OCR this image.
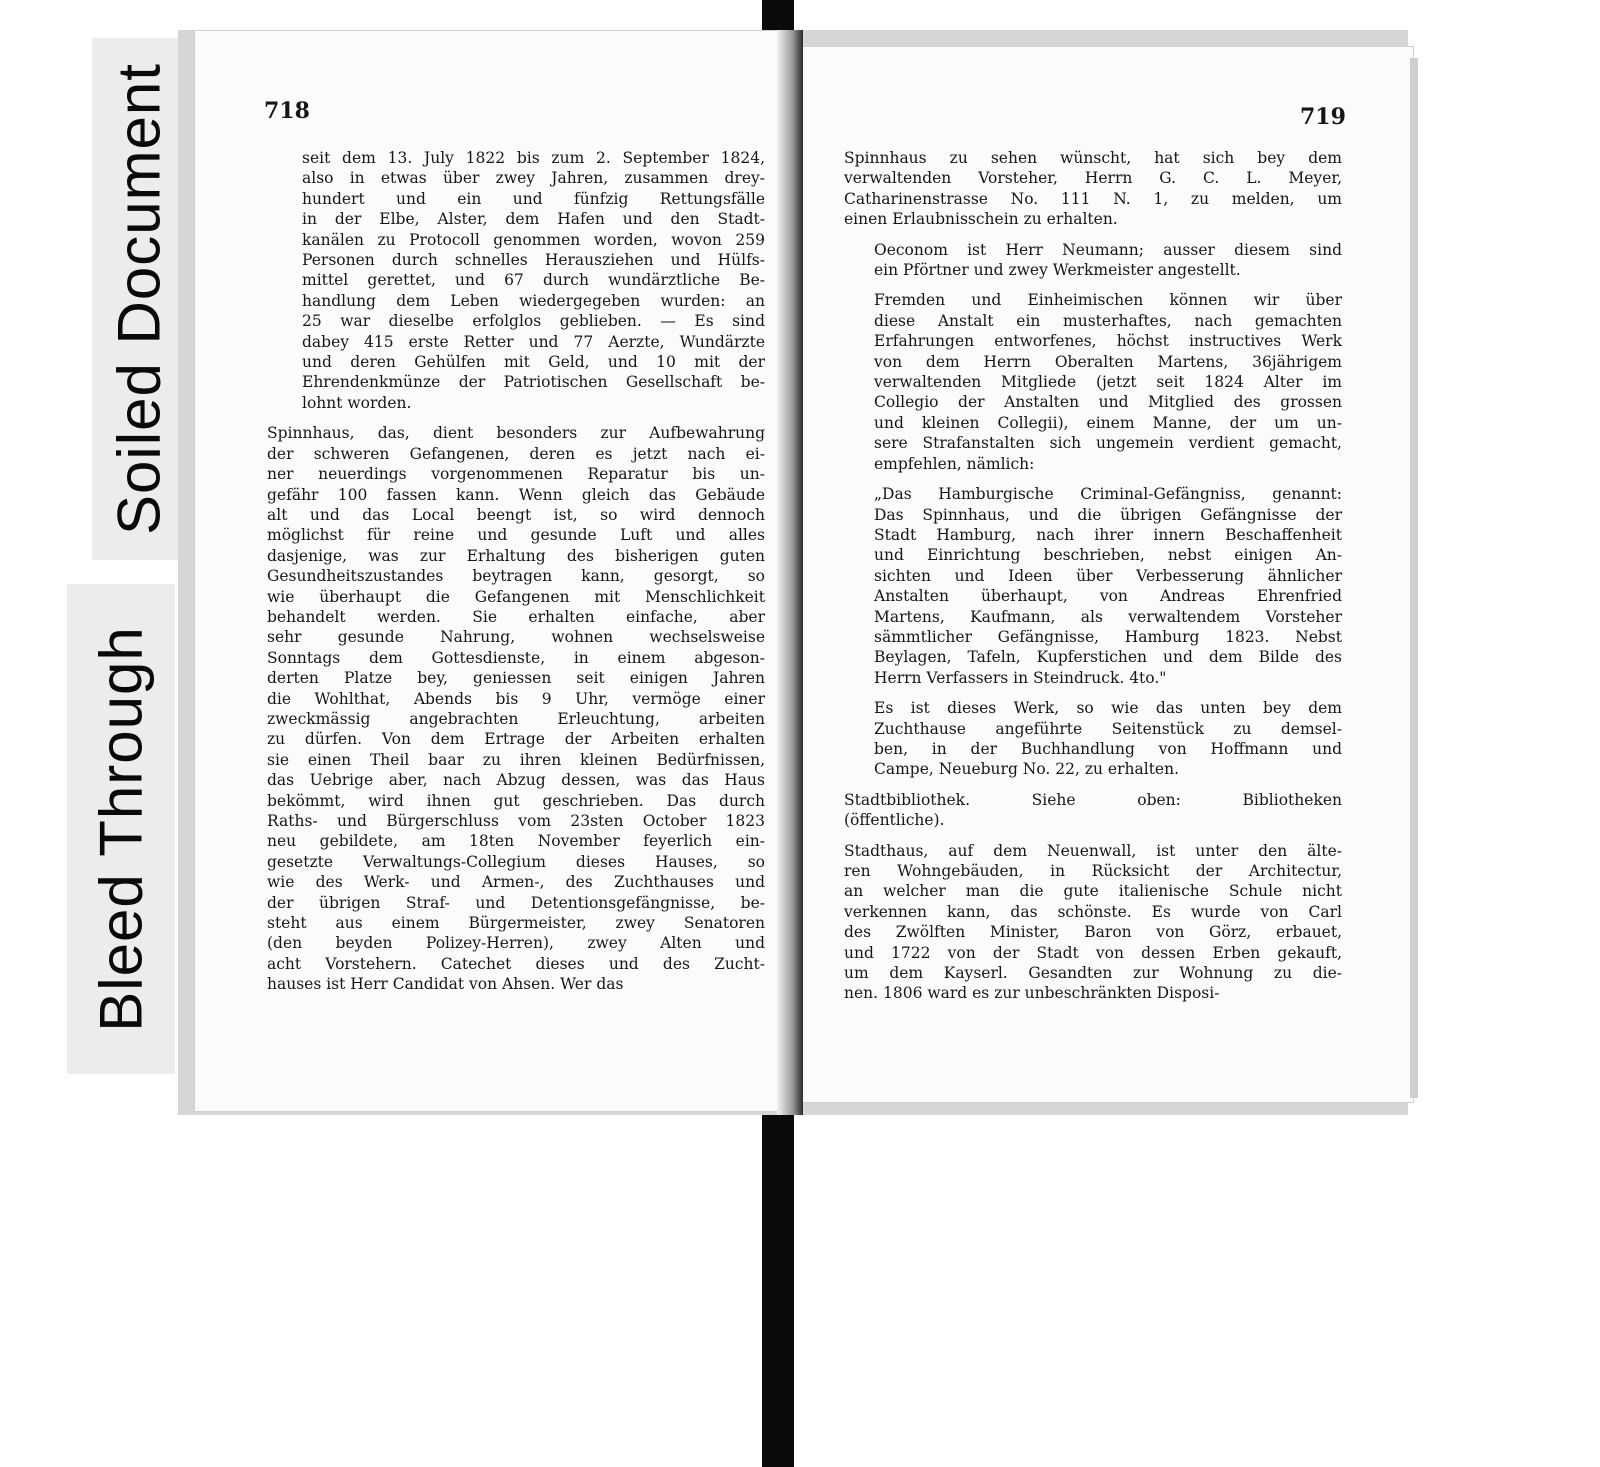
Soiled Document
Bleed Through
718	719

seit dem 13. July 1822 bis zum 2. September 1824,
also in etwas über zwey Jahren, zusammen drey-
hundert und ein und fünfzig Rettungsfälle
in der Elbe, Alster, dem Hafen und den Stadt-
kanälen zu Protocoll genommen worden, wovon 259
Personen durch schnelles Herausziehen und Hülfs-
mittel gerettet, und 67 durch wundärztliche Be-
handlung dem Leben wiedergegeben wurden: an
25 war dieselbe erfolglos geblieben. — Es sind
dabey 415 erste Retter und 77 Aerzte, Wundärzte
und deren Gehülfen mit Geld, und 10 mit der
Ehrendenkmünze der Patriotischen Gesellschaft be-
lohnt worden.

Spinnhaus, das, dient besonders zur Aufbewahrung
der schweren Gefangenen, deren es jetzt nach ei-
ner neuerdings vorgenommenen Reparatur bis un-
gefähr 100 fassen kann. Wenn gleich das Gebäude
alt und das Local beengt ist, so wird dennoch
möglichst für reine und gesunde Luft und alles
dasjenige, was zur Erhaltung des bisherigen guten
Gesundheitszustandes beytragen kann, gesorgt, so
wie überhaupt die Gefangenen mit Menschlichkeit
behandelt werden. Sie erhalten einfache, aber
sehr gesunde Nahrung, wohnen wechselsweise
Sonntags dem Gottesdienste, in einem abgeson-
derten Platze bey, geniessen seit einigen Jahren
die Wohlthat, Abends bis 9 Uhr, vermöge einer
zweckmässig angebrachten Erleuchtung, arbeiten
zu dürfen. Von dem Ertrage der Arbeiten erhalten
sie einen Theil baar zu ihren kleinen Bedürfnissen,
das Uebrige aber, nach Abzug dessen, was das Haus
bekömmt, wird ihnen gut geschrieben. Das durch
Raths- und Bürgerschluss vom 23sten October 1823
neu gebildete, am 18ten November feyerlich ein-
gesetzte Verwaltungs-Collegium dieses Hauses, so
wie des Werk- und Armen-, des Zuchthauses und
der übrigen Straf- und Detentionsgefängnisse, be-
steht aus einem Bürgermeister, zwey Senatoren
(den beyden Polizey-Herren), zwey Alten und
acht Vorstehern. Catechet dieses und des Zucht-
hauses ist Herr Candidat von Ahsen. Wer das

Spinnhaus zu sehen wünscht, hat sich bey dem
verwaltenden Vorsteher, Herrn G. C. L. Meyer,
Catharinenstrasse No. 111 N. 1, zu melden, um
einen Erlaubnisschein zu erhalten.

Oeconom ist Herr Neumann; ausser diesem sind
ein Pförtner und zwey Werkmeister angestellt.

Fremden und Einheimischen können wir über
diese Anstalt ein musterhaftes, nach gemachten
Erfahrungen entworfenes, höchst instructives Werk
von dem Herrn Oberalten Martens, 36jährigem
verwaltenden Mitgliede (jetzt seit 1824 Alter im
Collegio der Anstalten und Mitglied des grossen
und kleinen Collegii), einem Manne, der um un-
sere Strafanstalten sich ungemein verdient gemacht,
empfehlen, nämlich:

„Das Hamburgische Criminal-Gefängniss, genannt:
Das Spinnhaus, und die übrigen Gefängnisse der
Stadt Hamburg, nach ihrer innern Beschaffenheit
und Einrichtung beschrieben, nebst einigen An-
sichten und Ideen über Verbesserung ähnlicher
Anstalten überhaupt, von Andreas Ehrenfried
Martens, Kaufmann, als verwaltendem Vorsteher
sämmtlicher Gefängnisse, Hamburg 1823. Nebst
Beylagen, Tafeln, Kupferstichen und dem Bilde des
Herrn Verfassers in Steindruck. 4to."

Es ist dieses Werk, so wie das unten bey dem
Zuchthause angeführte Seitenstück zu demsel-
ben, in der Buchhandlung von Hoffmann und
Campe, Neueburg No. 22, zu erhalten.

Stadtbibliothek. Siehe oben: Bibliotheken
(öffentliche).

Stadthaus, auf dem Neuenwall, ist unter den älte-
ren Wohngebäuden, in Rücksicht der Architectur,
an welcher man die gute italienische Schule nicht
verkennen kann, das schönste. Es wurde von Carl
des Zwölften Minister, Baron von Görz, erbauet,
und 1722 von der Stadt von dessen Erben gekauft,
um dem Kayserl. Gesandten zur Wohnung zu die-
nen. 1806 ward es zur unbeschränkten Disposi-
